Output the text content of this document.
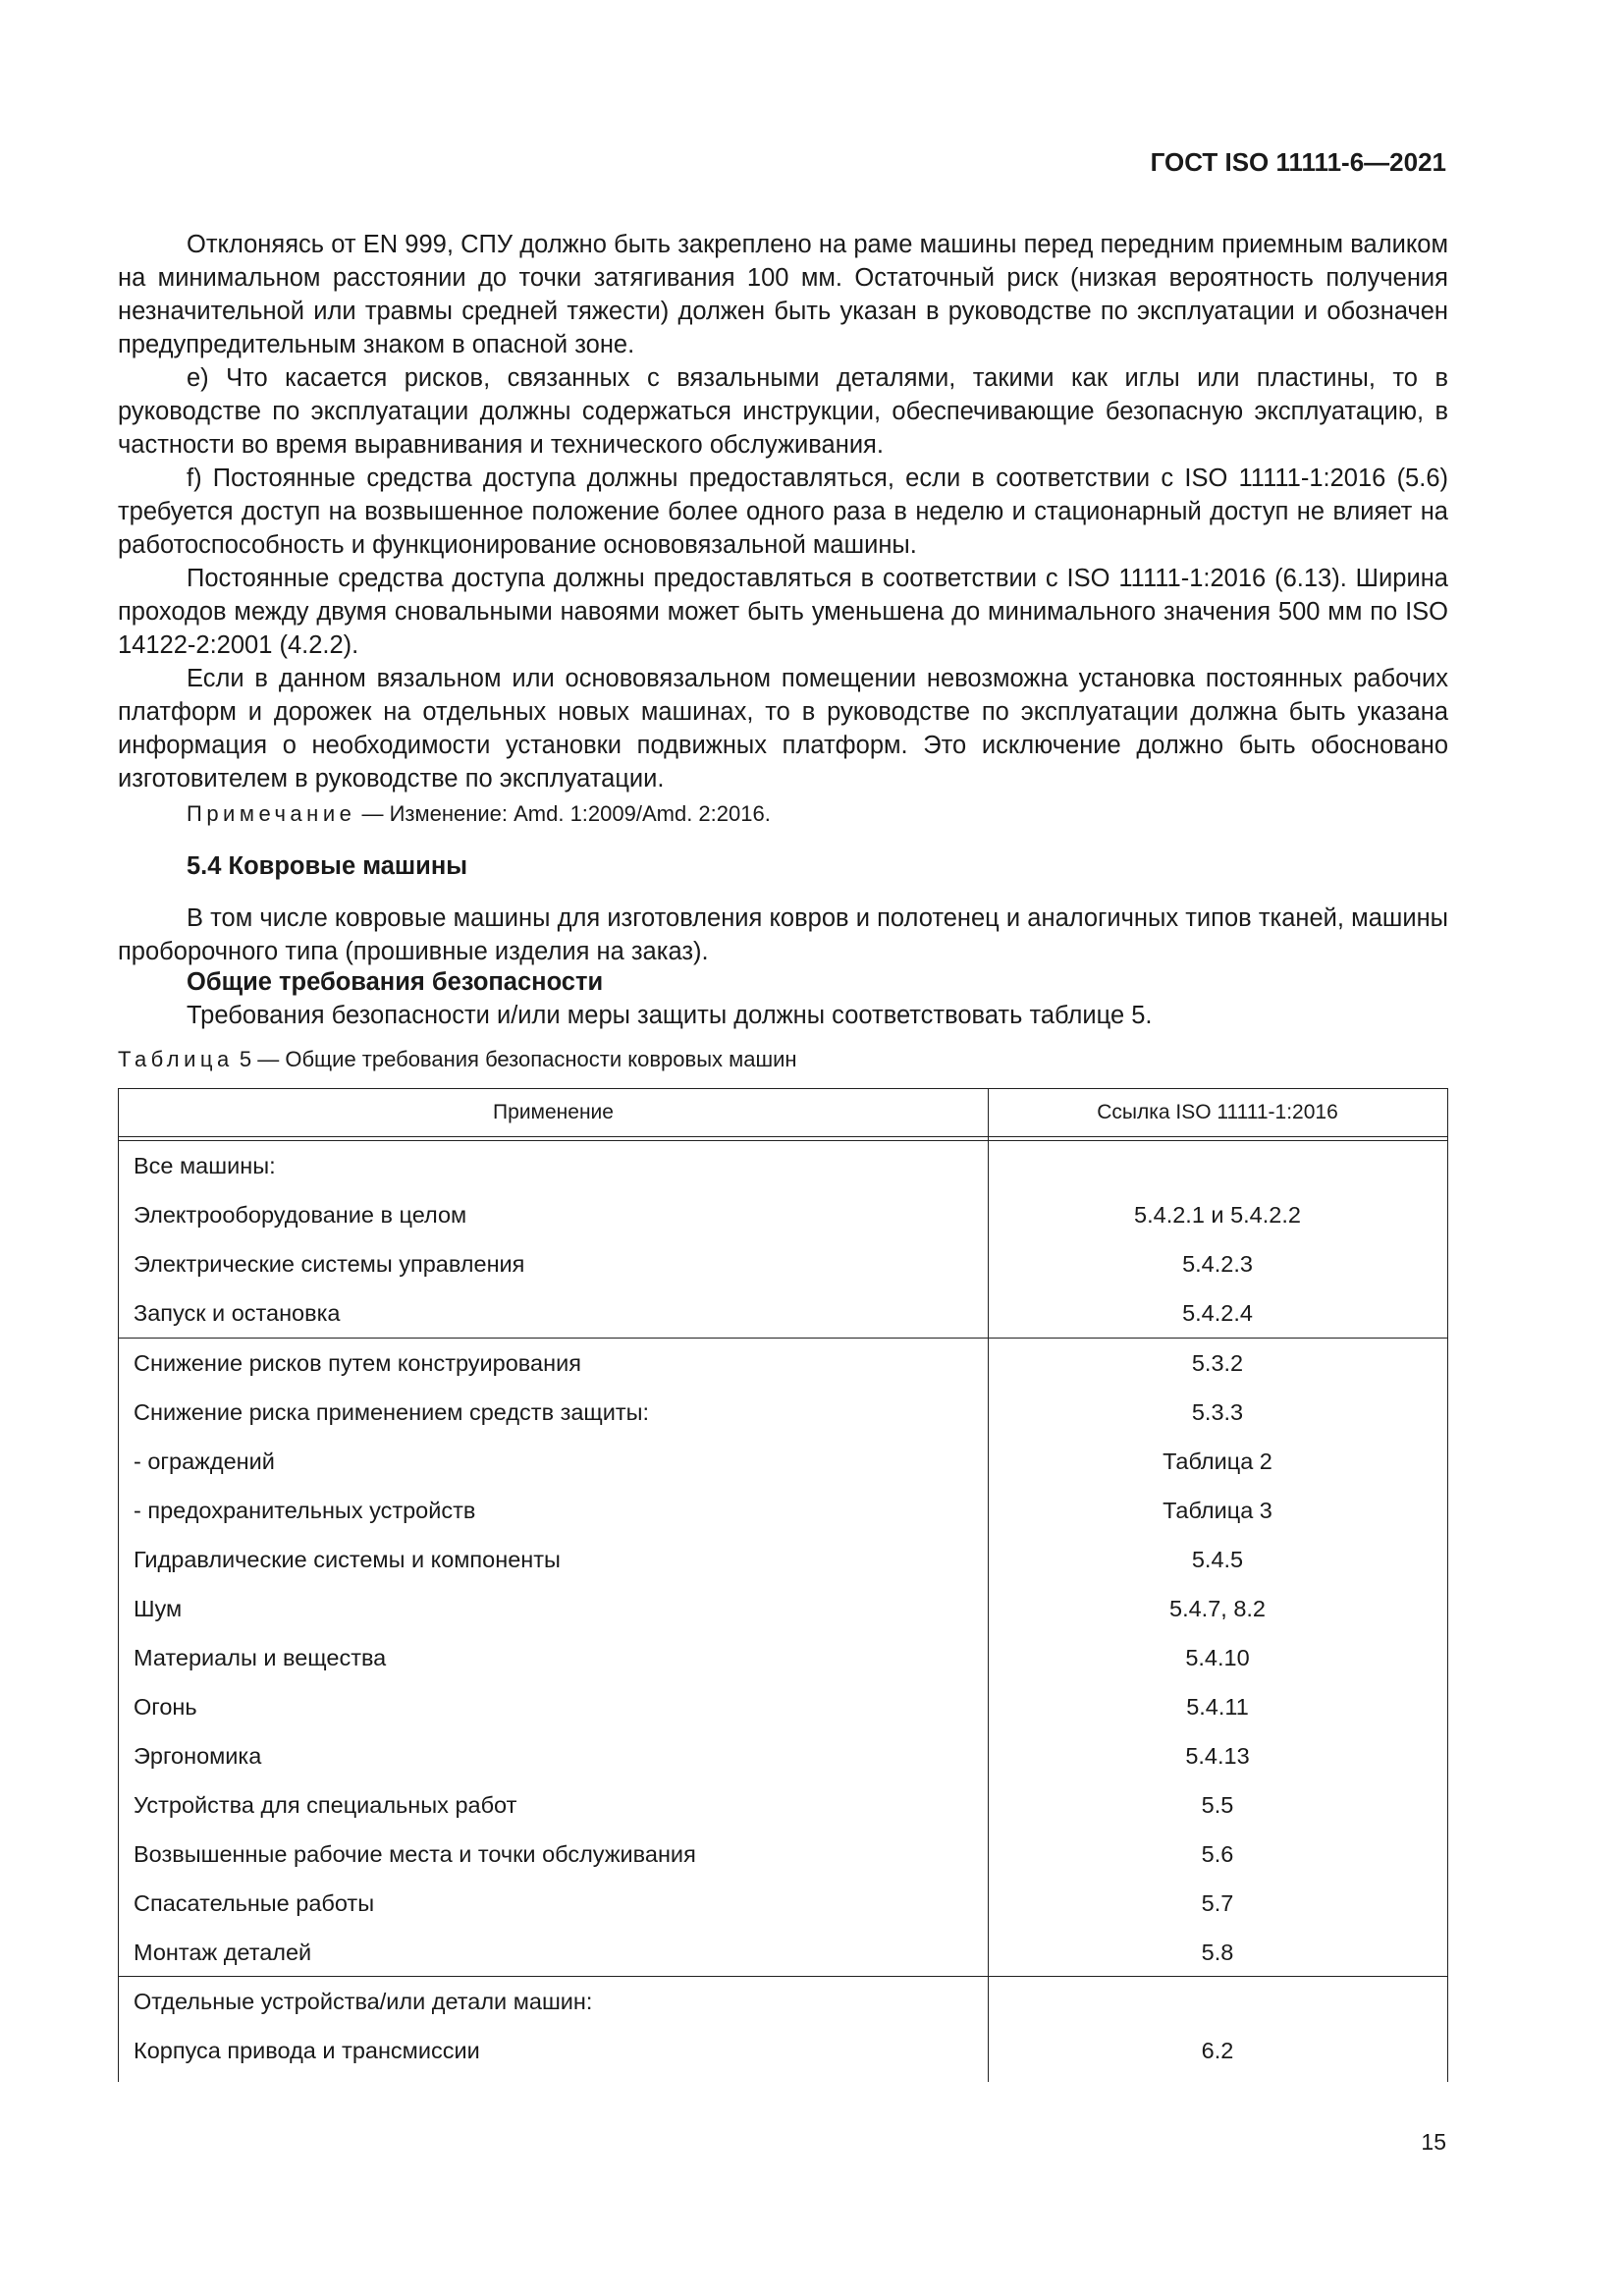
ГОСТ ISO 11111-6—2021

Отклоняясь от EN 999, СПУ должно быть закреплено на раме машины перед передним приемным валиком на минимальном расстоянии до точки затягивания 100 мм. Остаточный риск (низкая вероятность получения незначительной или травмы средней тяжести) должен быть указан в руководстве по эксплуатации и обозначен предупредительным знаком в опасной зоне.

е) Что касается рисков, связанных с вязальными деталями, такими как иглы или пластины, то в руководстве по эксплуатации должны содержаться инструкции, обеспечивающие безопасную эксплуатацию, в частности во время выравнивания и технического обслуживания.

f) Постоянные средства доступа должны предоставляться, если в соответствии с ISO 11111-1:2016 (5.6) требуется доступ на возвышенное положение более одного раза в неделю и стационарный доступ не влияет на работоспособность и функционирование основовязальной машины.

Постоянные средства доступа должны предоставляться в соответствии с ISO 11111-1:2016 (6.13). Ширина проходов между двумя сновальными навоями может быть уменьшена до минимального значения 500 мм по ISO 14122-2:2001 (4.2.2).

Если в данном вязальном или основовязальном помещении невозможна установка постоянных рабочих платформ и дорожек на отдельных новых машинах, то в руководстве по эксплуатации должна быть указана информация о необходимости установки подвижных платформ. Это исключение должно быть обосновано изготовителем в руководстве по эксплуатации.

Примечание — Изменение: Amd. 1:2009/Amd. 2:2016.
5.4 Ковровые машины

В том числе ковровые машины для изготовления ковров и полотенец и аналогичных типов тканей, машины проборочного типа (прошивные изделия на заказ).

Общие требования безопасности
Требования безопасности и/или меры защиты должны соответствовать таблице 5.
Таблица 5 — Общие требования безопасности ковровых машин
Применение	Ссылка ISO 11111-1:2016
Все машины:
Электрооборудование в целом	5.4.2.1 и 5.4.2.2
Электрические системы управления	5.4.2.3
Запуск и остановка	5.4.2.4
Снижение рисков путем конструирования	5.3.2
Снижение риска применением средств защиты:	5.3.3
- ограждений	Таблица 2
- предохранительных устройств	Таблица 3
Гидравлические системы и компоненты	5.4.5
Шум	5.4.7, 8.2
Материалы и вещества	5.4.10
Огонь	5.4.11
Эргономика	5.4.13
Устройства для специальных работ	5.5
Возвышенные рабочие места и точки обслуживания	5.6
Спасательные работы	5.7
Монтаж деталей	5.8
Отдельные устройства/или детали машин:
Корпуса привода и трансмиссии	6.2
15
